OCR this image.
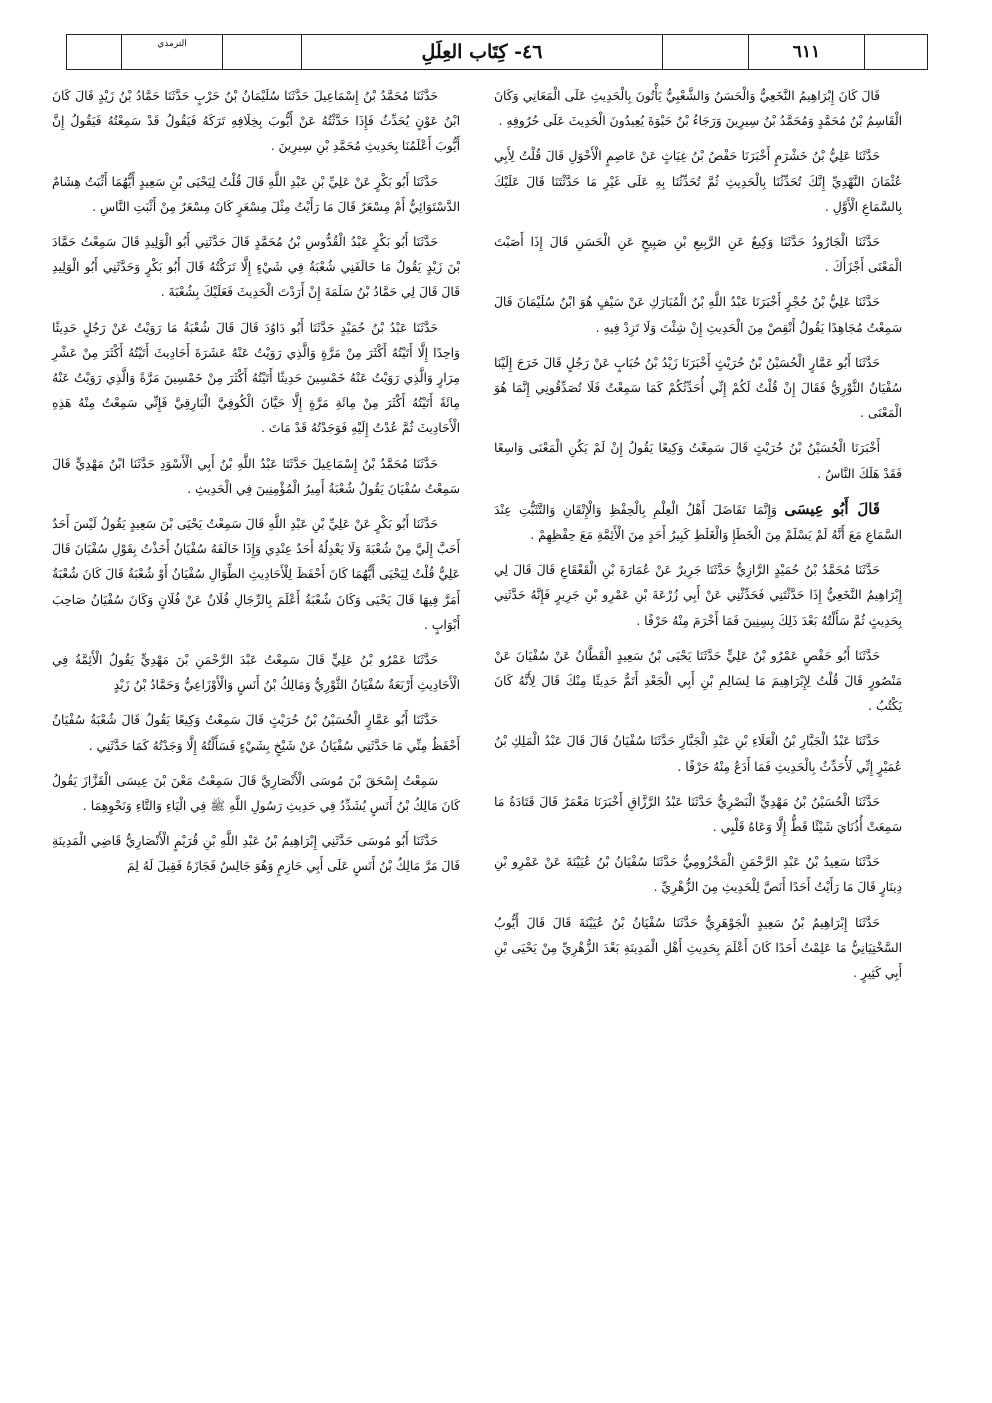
٦١١
٤٦- كِتَاب العِلَلِ
الترمذي

قَالَ كَانَ إِبْرَاهِيمُ النَّخَعِيُّ وَالْحَسَنُ وَالشَّعْبِيُّ يَأْتُونَ بِالْحَدِيثِ عَلَى الْمَعَانِي وَكَانَ الْقَاسِمُ بْنُ مُحَمَّدٍ وَمُحَمَّدُ بْنُ سِيرِينَ وَرَجَاءُ بْنُ حَيْوَةَ يُعِيدُونَ الْحَدِيثَ عَلَى حُرُوفِهِ .

حَدَّثَنَا عَلِيُّ بْنُ خَشْرَمٍ أَخْبَرَنَا حَفْصُ بْنُ غِيَاثٍ عَنْ عَاصِمٍ الْأَحْوَلِ قَالَ قُلْتُ لِأَبِي عُثْمَانَ النَّهْدِيِّ إِنَّكَ تُحَدِّثُنَا بِالْحَدِيثِ ثُمَّ تُحَدِّثُنَا بِهِ عَلَى غَيْرِ مَا حَدَّثْتَنَا قَالَ عَلَيْكَ بِالسَّمَاعِ الْأَوَّلِ .

حَدَّثَنَا الْجَارُودُ حَدَّثَنَا وَكِيعٌ عَنِ الرَّبِيعِ بْنِ صَبِيحٍ عَنِ الْحَسَنِ قَالَ إِذَا أَصَبْتَ الْمَعْنَى أَجْزَأَكَ .

حَدَّثَنَا عَلِيُّ بْنُ حُجْرٍ أَخْبَرَنَا عَبْدُ اللَّهِ بْنُ الْمُبَارَكِ عَنْ سَيْفٍ هُوَ ابْنُ سُلَيْمَانَ قَالَ سَمِعْتُ مُجَاهِدًا يَقُولُ أَنْقِصْ مِنَ الْحَدِيثِ إِنْ شِئْتَ وَلَا تَزِدْ فِيهِ .

حَدَّثَنَا أَبُو عَمَّارٍ الْحُسَيْنُ بْنُ حُرَيْثٍ أَخْبَرَنَا زَيْدُ بْنُ حُبَابٍ عَنْ رَجُلٍ قَالَ خَرَجَ إِلَيْنَا سُفْيَانُ الثَّوْرِيُّ فَقَالَ إِنْ قُلْتُ لَكُمْ إِنِّي أُحَدِّثُكُمْ كَمَا سَمِعْتُ فَلَا تُصَدِّقُونِي إِنَّمَا هُوَ الْمَعْنَى .

أَخْبَرَنَا الْحُسَيْنُ بْنُ حُرَيْثٍ قَالَ سَمِعْتُ وَكِيعًا يَقُولُ إِنْ لَمْ يَكُنِ الْمَعْنَى وَاسِعًا فَقَدْ هَلَكَ النَّاسُ .

قَالَ أَبُو عِيسَى وَإِنَّمَا تَفَاضَلَ أَهْلُ الْعِلْمِ بِالْحِفْظِ وَالْإِتْقَانِ وَالتَّثَبُّتِ عِنْدَ السَّمَاعِ مَعَ أَنَّهُ لَمْ يَسْلَمْ مِنَ الْخَطَإِ وَالْغَلَطِ كَبِيرُ أَحَدٍ مِنَ الْأَئِمَّةِ مَعَ حِفْظِهِمْ .

حَدَّثَنَا مُحَمَّدُ بْنُ حُمَيْدٍ الرَّازِيُّ حَدَّثَنَا جَرِيرٌ عَنْ عُمَارَةَ بْنِ الْقَعْقَاعِ قَالَ قَالَ لِي إِبْرَاهِيمُ النَّخَعِيُّ إِذَا حَدَّثْتَنِي فَحَدِّثْنِي عَنْ أَبِي زُرْعَةَ بْنِ عَمْرِو بْنِ جَرِيرٍ فَإِنَّهُ حَدَّثَنِي بِحَدِيثٍ ثُمَّ سَأَلْتُهُ بَعْدَ ذَلِكَ بِسِنِينَ فَمَا أَخْرَمَ مِنْهُ حَرْفًا .

حَدَّثَنَا أَبُو حَفْصٍ عَمْرُو بْنُ عَلِيٍّ حَدَّثَنَا يَحْيَى بْنُ سَعِيدٍ الْقَطَّانُ عَنْ سُفْيَانَ عَنْ مَنْصُورٍ قَالَ قُلْتُ لِإِبْرَاهِيمَ مَا لِسَالِمِ بْنِ أَبِي الْجَعْدِ أَتَمُّ حَدِيثًا مِنْكَ قَالَ لِأَنَّهُ كَانَ يَكْتُبُ .

حَدَّثَنَا عَبْدُ الْجَبَّارِ بْنُ الْعَلَاءِ بْنِ عَبْدِ الْجَبَّارِ حَدَّثَنَا سُفْيَانُ قَالَ قَالَ عَبْدُ الْمَلِكِ بْنُ عُمَيْرٍ إِنِّي لَأُحَدِّثُ بِالْحَدِيثِ فَمَا أَدَعُ مِنْهُ حَرْفًا .

حَدَّثَنَا الْحُسَيْنُ بْنُ مَهْدِيٍّ الْبَصْرِيُّ حَدَّثَنَا عَبْدُ الرَّزَّاقِ أَخْبَرَنَا مَعْمَرٌ قَالَ قَتَادَةُ مَا سَمِعَتْ أُذُنَايَ شَيْئًا قَطُّ إِلَّا وَعَاهُ قَلْبِي .

حَدَّثَنَا سَعِيدُ بْنُ عَبْدِ الرَّحْمَنِ الْمَخْزُومِيُّ حَدَّثَنَا سُفْيَانُ بْنُ عُيَيْنَةَ عَنْ عَمْرِو بْنِ دِينَارٍ قَالَ مَا رَأَيْتُ أَحَدًا أَنَصَّ لِلْحَدِيثِ مِنَ الزُّهْرِيِّ .

حَدَّثَنَا إِبْرَاهِيمُ بْنُ سَعِيدٍ الْجَوْهَرِيُّ حَدَّثَنَا سُفْيَانُ بْنُ عُيَيْنَةَ قَالَ قَالَ أَيُّوبُ السَّخْتِيَانِيُّ مَا عَلِمْتُ أَحَدًا كَانَ أَعْلَمَ بِحَدِيثِ أَهْلِ الْمَدِينَةِ بَعْدَ الزُّهْرِيِّ مِنْ يَحْيَى بْنِ أَبِي كَثِيرٍ .

حَدَّثَنَا مُحَمَّدُ بْنُ إِسْمَاعِيلَ حَدَّثَنَا سُلَيْمَانُ بْنُ حَرْبٍ حَدَّثَنَا حَمَّادُ بْنُ زَيْدٍ قَالَ كَانَ ابْنُ عَوْنٍ يُحَدِّثُ فَإِذَا حَدَّثْتُهُ عَنْ أَيُّوبَ بِخِلَافِهِ تَرَكَهُ فَيَقُولُ قَدْ سَمِعْتُهُ فَيَقُولُ إِنَّ أَيُّوبَ أَعْلَمُنَا بِحَدِيثِ مُحَمَّدِ بْنِ سِيرِينَ .

حَدَّثَنَا أَبُو بَكْرٍ عَنْ عَلِيِّ بْنِ عَبْدِ اللَّهِ قَالَ قُلْتُ لِيَحْيَى بْنِ سَعِيدٍ أَيُّهُمَا أَثْبَتُ هِشَامٌ الدَّسْتَوَائِيُّ أَمْ مِسْعَرٌ قَالَ مَا رَأَيْتُ مِثْلَ مِسْعَرٍ كَانَ مِسْعَرٌ مِنْ أَثْبَتِ النَّاسِ .

حَدَّثَنَا أَبُو بَكْرٍ عَبْدُ الْقُدُّوسِ بْنُ مُحَمَّدٍ قَالَ حَدَّثَنِي أَبُو الْوَلِيدِ قَالَ سَمِعْتُ حَمَّادَ بْنَ زَيْدٍ يَقُولُ مَا خَالَفَنِي شُعْبَةُ فِي شَيْءٍ إِلَّا تَرَكْتُهُ قَالَ أَبُو بَكْرٍ وَحَدَّثَنِي أَبُو الْوَلِيدِ قَالَ قَالَ لِي حَمَّادُ بْنُ سَلَمَةَ إِنْ أَرَدْتَ الْحَدِيثَ فَعَلَيْكَ بِشُعْبَةَ .

حَدَّثَنَا عَبْدُ بْنُ حُمَيْدٍ حَدَّثَنَا أَبُو دَاوُدَ قَالَ قَالَ شُعْبَةُ مَا رَوَيْتُ عَنْ رَجُلٍ حَدِيثًا وَاحِدًا إِلَّا أَتَيْتُهُ أَكْثَرَ مِنْ مَرَّةٍ وَالَّذِي رَوَيْتُ عَنْهُ عَشَرَةَ أَحَادِيثَ أَتَيْتُهُ أَكْثَرَ مِنْ عَشْرِ مِرَارٍ وَالَّذِي رَوَيْتُ عَنْهُ خَمْسِينَ حَدِيثًا أَتَيْتُهُ أَكْثَرَ مِنْ خَمْسِينَ مَرَّةً وَالَّذِي رَوَيْتُ عَنْهُ مِائَةً أَتَيْتُهُ أَكْثَرَ مِنْ مِائَةِ مَرَّةٍ إِلَّا حَيَّانَ الْكُوفِيَّ الْبَارِقِيَّ فَإِنِّي سَمِعْتُ مِنْهُ هَذِهِ الْأَحَادِيثَ ثُمَّ عُدْتُ إِلَيْهِ فَوَجَدْتُهُ قَدْ مَاتَ .

حَدَّثَنَا مُحَمَّدُ بْنُ إِسْمَاعِيلَ حَدَّثَنَا عَبْدُ اللَّهِ بْنُ أَبِي الْأَسْوَدِ حَدَّثَنَا ابْنُ مَهْدِيٍّ قَالَ سَمِعْتُ سُفْيَانَ يَقُولُ شُعْبَةُ أَمِيرُ الْمُؤْمِنِينَ فِي الْحَدِيثِ .

حَدَّثَنَا أَبُو بَكْرٍ عَنْ عَلِيِّ بْنِ عَبْدِ اللَّهِ قَالَ سَمِعْتُ يَحْيَى بْنَ سَعِيدٍ يَقُولُ لَيْسَ أَحَدٌ أَحَبَّ إِلَيَّ مِنْ شُعْبَةَ وَلَا يَعْدِلُهُ أَحَدٌ عِنْدِي وَإِذَا خَالَفَهُ سُفْيَانُ أَخَذْتُ بِقَوْلِ سُفْيَانَ قَالَ عَلِيٌّ قُلْتُ لِيَحْيَى أَيُّهُمَا كَانَ أَحْفَظَ لِلْأَحَادِيثِ الطِّوَالِ سُفْيَانُ أَوْ شُعْبَةُ قَالَ كَانَ شُعْبَةُ أَمَرَّ فِيهَا قَالَ يَحْيَى وَكَانَ شُعْبَةُ أَعْلَمَ بِالرِّجَالِ فُلَانٌ عَنْ فُلَانٍ وَكَانَ سُفْيَانُ صَاحِبَ أَبْوَابٍ .

حَدَّثَنَا عَمْرُو بْنُ عَلِيٍّ قَالَ سَمِعْتُ عَبْدَ الرَّحْمَنِ بْنَ مَهْدِيٍّ يَقُولُ الْأَئِمَّةُ فِي الْأَحَادِيثِ أَرْبَعَةٌ سُفْيَانُ الثَّوْرِيُّ وَمَالِكُ بْنُ أَنَسٍ وَالْأَوْزَاعِيُّ وَحَمَّادُ بْنُ زَيْدٍ

حَدَّثَنَا أَبُو عَمَّارٍ الْحُسَيْنُ بْنُ حُرَيْثٍ قَالَ سَمِعْتُ وَكِيعًا يَقُولُ قَالَ شُعْبَةُ سُفْيَانُ أَحْفَظُ مِنِّي مَا حَدَّثَنِي سُفْيَانُ عَنْ شَيْخٍ بِشَيْءٍ فَسَأَلْتُهُ إِلَّا وَجَدْتُهُ كَمَا حَدَّثَنِي .

سَمِعْتُ إِسْحَقَ بْنَ مُوسَى الْأَنْصَارِيَّ قَالَ سَمِعْتُ مَعْنَ بْنَ عِيسَى الْقَزَّازَ يَقُولُ كَانَ مَالِكُ بْنُ أَنَسٍ يُشَدِّدُ فِي حَدِيثِ رَسُولِ اللَّهِ ﷺ فِي الْيَاءِ وَالتَّاءِ وَنَحْوِهِمَا .

حَدَّثَنَا أَبُو مُوسَى حَدَّثَنِي إِبْرَاهِيمُ بْنُ عَبْدِ اللَّهِ بْنِ قُرَيْمٍ الْأَنْصَارِيُّ قَاضِي الْمَدِينَةِ قَالَ مَرَّ مَالِكُ بْنُ أَنَسٍ عَلَى أَبِي حَازِمٍ وَهُوَ جَالِسٌ فَجَازَهُ فَقِيلَ لَهُ لِمَ
